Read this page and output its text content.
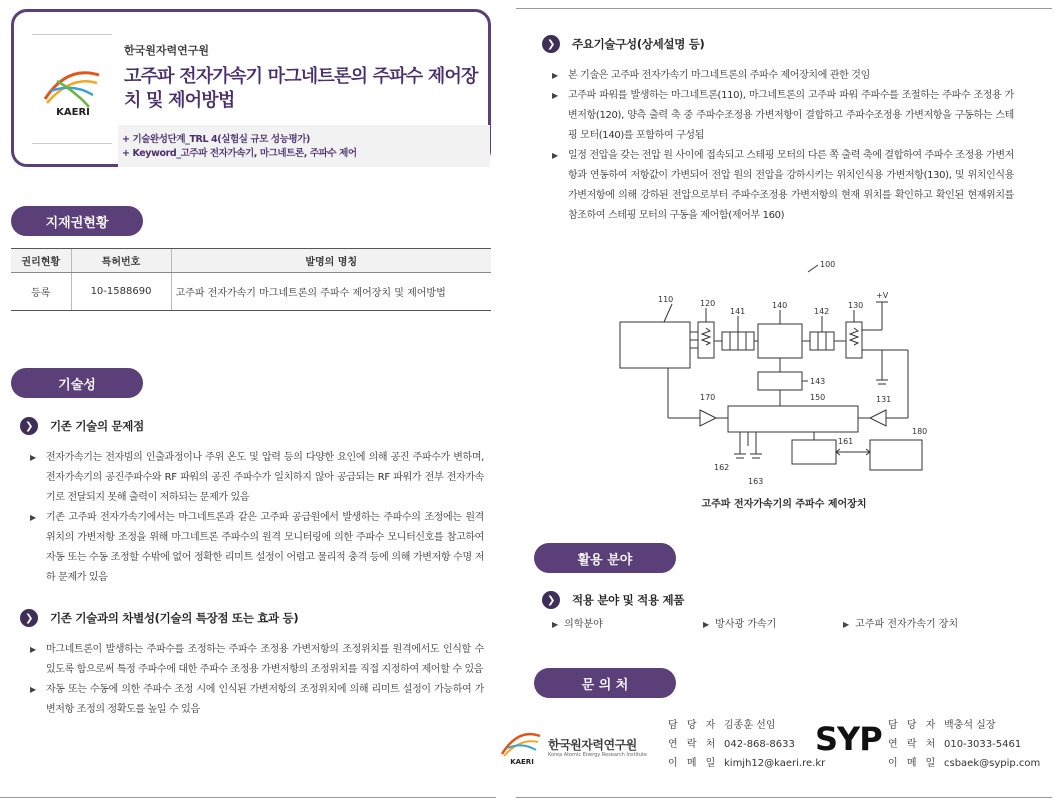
KAERI
한국원자력연구원
고주파 전자가속기 마그네트론의 주파수 제어장치 및 제어방법
+ 기술완성단계_TRL 4(실험실 규모 성능평가)
+ Keyword_고주파 전자가속기, 마그네트론, 주파수 제어
지재권현황
권리현황	특허번호	발명의 명칭
등록	10-1588690	고주파 전자가속기 마그네트론의 주파수 제어장치 및 제어방법
기술성
❯	기존 기술의 문제점
▶ 전자가속기는 전자빔의 인출과정이나 주위 온도 및 압력 등의 다양한 요인에 의해 공진 주파수가 변하며, 전자가속기의 공진주파수와 RF 파워의 공진 주파수가 일치하지 않아 공급되는 RF 파워가 전부 전자가속기로 전달되지 못해 출력이 저하되는 문제가 있음
▶ 기존 고주파 전자가속기에서는 마그네트론과 같은 고주파 공급원에서 발생하는 주파수의 조정에는 원격 위치의 가변저항 조정을 위해 마그네트론 주파수의 원격 모니터링에 의한 주파수 모니터신호를 참고하여 자동 또는 수동 조정할 수밖에 없어 정확한 리미트 설정이 어렵고 물리적 충격 등에 의해 가변저항 수명 저하 문제가 있음
❯	기존 기술과의 차별성(기술의 특장점 또는 효과 등)
▶ 마그네트론이 발생하는 주파수를 조정하는 주파수 조정용 가변저항의 조정위치를 원격에서도 인식할 수 있도록 함으로써 특정 주파수에 대한 주파수 조정용 가변저항의 조정위치를 직접 지정하여 제어할 수 있음
▶ 자동 또는 수동에 의한 주파수 조정 시에 인식된 가변저항의 조정위치에 의해 리미트 설정이 가능하여 가변저항 조정의 정확도를 높일 수 있음
❯	주요기술구성(상세설명 등)
▶ 본 기술은 고주파 전자가속기 마그네트론의 주파수 제어장치에 관한 것임
▶ 고주파 파워를 발생하는 마그네트론(110), 마그네트론의 고주파 파워 주파수를 조절하는 주파수 조정용 가변저항(120), 양측 출력 축 중 주파수조정용 가변저항이 결합하고 주파수조정용 가변저항을 구동하는 스테핑 모터(140)를 포함하여 구성됨
▶ 일정 전압을 갖는 전압 원 사이에 접속되고 스테핑 모터의 다른 쪽 출력 축에 결합하여 주파수 조정용 가변저항과 연동하여 저항값이 가변되어 전압 원의 전압을 강하시키는 위치인식용 가변저항(130), 및 위치인식용 가변저항에 의해 강하된 전압으로부터 주파수조정용 가변저항의 현재 위치를 확인하고 확인된 현재위치를 참조하여 스테핑 모터의 구동을 제어함(제어부 160)
100
110	120
141
140
142
130
+V
143
170	150	131
161
180
162
163
고주파 전자가속기의 주파수 제어장치
활용 분야
❯	적용 분야 및 적용 제품
▶ 의학분야	▶ 방사광 가속기	▶ 고주파 전자가속기 장치
문 의 처
KAERI
한국원자력연구원
Korea Atomic Energy Research Institute
담 당 자 김종훈 선임
연 락 처 042-868-8633
이 메 일 kimjh12@kaeri.re.kr
SYP 담 당 자 백충석 실장
연 락 처 010-3033-5461
이 메 일 csbaek@sypip.com
